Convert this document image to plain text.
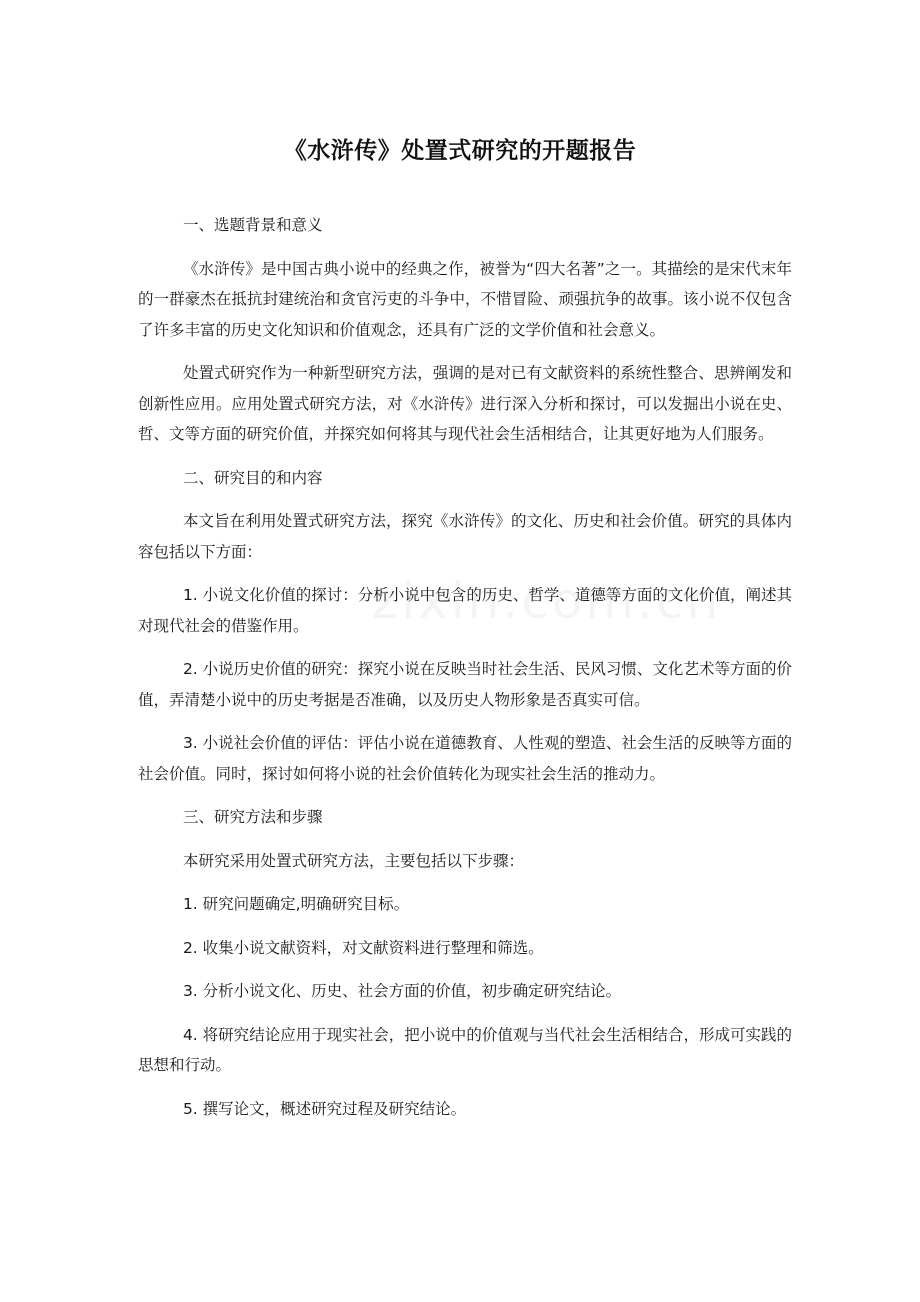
《水浒传》处置式研究的开题报告

一、选题背景和意义

《水浒传》是中国古典小说中的经典之作，被誉为“四大名著”之一。其描绘的是宋代末年的一群豪杰在抵抗封建统治和贪官污吏的斗争中，不惜冒险、顽强抗争的故事。该小说不仅包含了许多丰富的历史文化知识和价值观念，还具有广泛的文学价值和社会意义。

处置式研究作为一种新型研究方法，强调的是对已有文献资料的系统性整合、思辨阐发和创新性应用。应用处置式研究方法，对《水浒传》进行深入分析和探讨，可以发掘出小说在史、哲、文等方面的研究价值，并探究如何将其与现代社会生活相结合，让其更好地为人们服务。

二、研究目的和内容

本文旨在利用处置式研究方法，探究《水浒传》的文化、历史和社会价值。研究的具体内容包括以下方面：

1. 小说文化价值的探讨：分析小说中包含的历史、哲学、道德等方面的文化价值，阐述其对现代社会的借鉴作用。

2. 小说历史价值的研究：探究小说在反映当时社会生活、民风习惯、文化艺术等方面的价值，弄清楚小说中的历史考据是否准确，以及历史人物形象是否真实可信。

3. 小说社会价值的评估：评估小说在道德教育、人性观的塑造、社会生活的反映等方面的社会价值。同时，探讨如何将小说的社会价值转化为现实社会生活的推动力。

三、研究方法和步骤

本研究采用处置式研究方法，主要包括以下步骤：

1. 研究问题确定,明确研究目标。

2. 收集小说文献资料，对文献资料进行整理和筛选。

3. 分析小说文化、历史、社会方面的价值，初步确定研究结论。

4. 将研究结论应用于现实社会，把小说中的价值观与当代社会生活相结合，形成可实践的思想和行动。

5. 撰写论文，概述研究过程及研究结论。
